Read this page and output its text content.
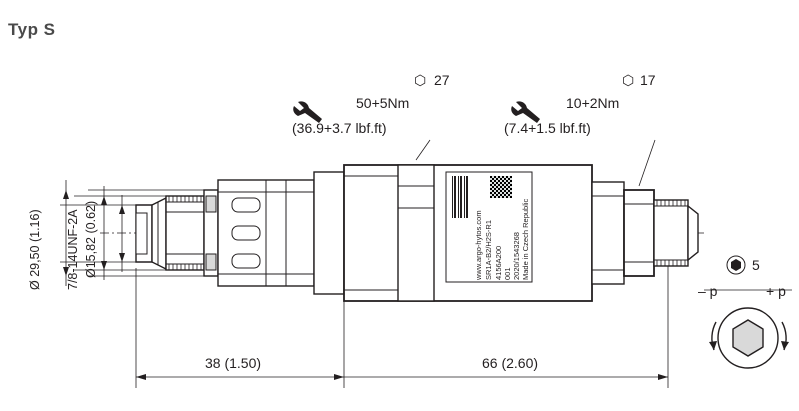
Typ S
www.argo-hytos.com SR1A-B2/H2S-R1 4156A200 001 2020/1543268 Made in Czech Republic
⬡ 27
50+5Nm
(36.9+3.7 lbf.ft)
⬡ 17
10+2Nm
(7.4+1.5 lbf.ft)
5
Ø 29,50 (1.16) 7/8-14UNF-2A Ø15,82 (0.62)
38 (1.50)	66 (2.60)
– p	+ p
